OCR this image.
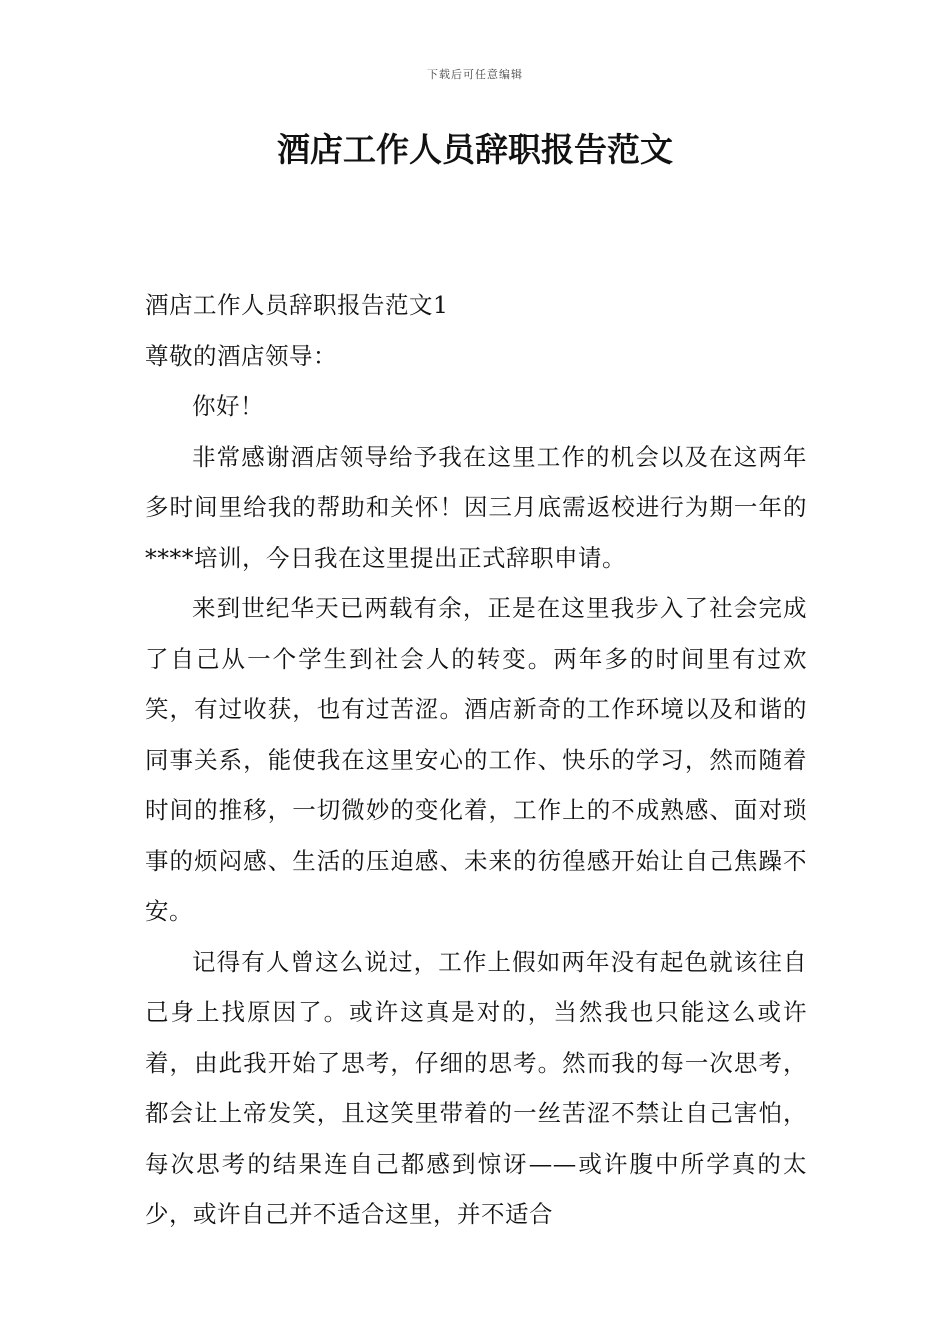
下载后可任意编辑
酒店工作人员辞职报告范文

酒店工作人员辞职报告范文1

尊敬的酒店领导：

你好！

非常感谢酒店领导给予我在这里工作的机会以及在这两年多时间里给我的帮助和关怀！因三月底需返校进行为期一年的****培训，今日我在这里提出正式辞职申请。

来到世纪华天已两载有余，正是在这里我步入了社会完成了自己从一个学生到社会人的转变。两年多的时间里有过欢笑，有过收获，也有过苦涩。酒店新奇的工作环境以及和谐的同事关系，能使我在这里安心的工作、快乐的学习，然而随着时间的推移，一切微妙的变化着，工作上的不成熟感、面对琐事的烦闷感、生活的压迫感、未来的彷徨感开始让自己焦躁不安。

记得有人曾这么说过，工作上假如两年没有起色就该往自己身上找原因了。或许这真是对的，当然我也只能这么或许着，由此我开始了思考，仔细的思考。然而我的每一次思考，都会让上帝发笑，且这笑里带着的一丝苦涩不禁让自己害怕，每次思考的结果连自己都感到惊讶——或许腹中所学真的太少，或许自己并不适合这里，并不适合
